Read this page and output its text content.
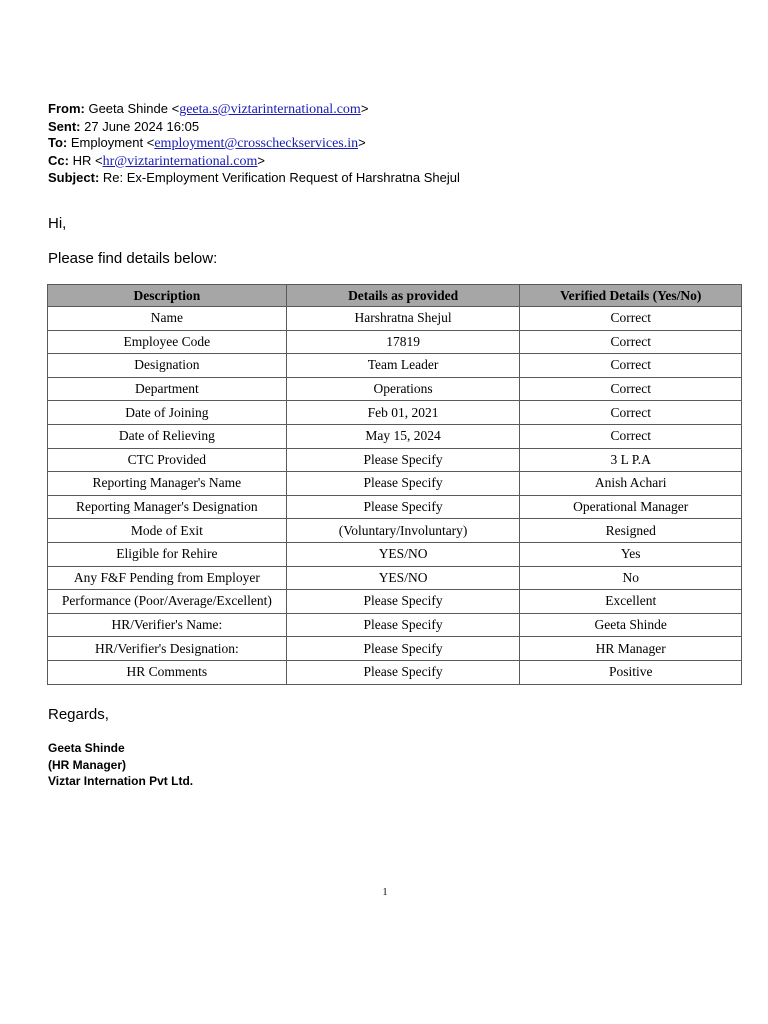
From: Geeta Shinde <geeta.s@viztarinternational.com>
Sent: 27 June 2024 16:05
To: Employment <employment@crosscheckservices.in>
Cc: HR <hr@viztarinternational.com>
Subject: Re: Ex-Employment Verification Request of Harshratna Shejul
Hi,
Please find details below:
Description	Details as provided	Verified Details (Yes/No)
Name	Harshratna Shejul	Correct
Employee Code	17819	Correct
Designation	Team Leader	Correct
Department	Operations	Correct
Date of Joining	Feb 01, 2021	Correct
Date of Relieving	May 15, 2024	Correct
CTC Provided	Please Specify	3 L P.A
Reporting Manager's Name	Please Specify	Anish Achari
Reporting Manager's Designation	Please Specify	Operational Manager
Mode of Exit	(Voluntary/Involuntary)	Resigned
Eligible for Rehire	YES/NO	Yes
Any F&F Pending from Employer	YES/NO	No
Performance (Poor/Average/Excellent)	Please Specify	Excellent
HR/Verifier's Name:	Please Specify	Geeta Shinde
HR/Verifier's Designation:	Please Specify	HR Manager
HR Comments	Please Specify	Positive
Regards,
Geeta Shinde
(HR Manager)
Viztar Internation Pvt Ltd.
1
